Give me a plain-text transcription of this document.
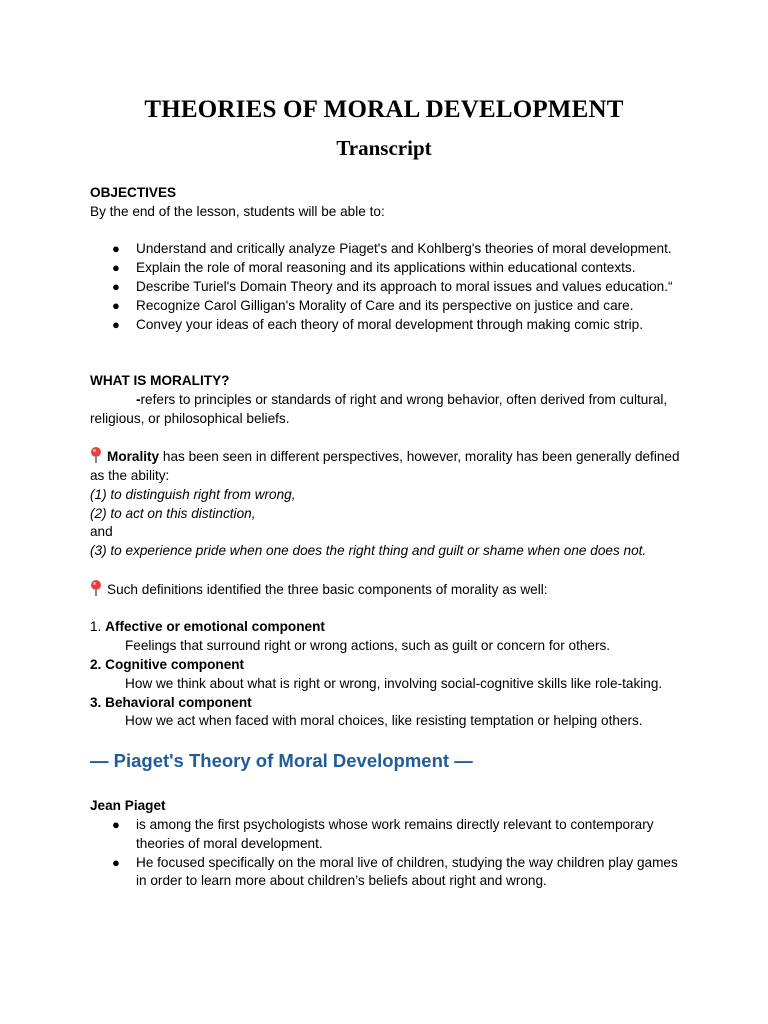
THEORIES OF MORAL DEVELOPMENT
Transcript

OBJECTIVES

By the end of the lesson, students will be able to:

● Understand and critically analyze Piaget's and Kohlberg's theories of moral development.
● Explain the role of moral reasoning and its applications within educational contexts.
● Describe Turiel's Domain Theory and its approach to moral issues and values education.“
● Recognize Carol Gilligan's Morality of Care and its perspective on justice and care.
● Convey your ideas of each theory of moral development through making comic strip.

WHAT IS MORALITY?

-refers to principles or standards of right and wrong behavior, often derived from cultural, religious, or philosophical beliefs.

Morality has been seen in different perspectives, however, morality has been generally defined as the ability:

(1) to distinguish right from wrong,

(2) to act on this distinction,

and

(3) to experience pride when one does the right thing and guilt or shame when one does not.

Such definitions identified the three basic components of morality as well:

1. Affective or emotional component

Feelings that surround right or wrong actions, such as guilt or concern for others.

2. Cognitive component

How we think about what is right or wrong, involving social-cognitive skills like role-taking.

3. Behavioral component

How we act when faced with moral choices, like resisting temptation or helping others.

— Piaget's Theory of Moral Development —

Jean Piaget

● is among the first psychologists whose work remains directly relevant to contemporary theories of moral development.
● He focused specifically on the moral live of children, studying the way children play games in order to learn more about children’s beliefs about right and wrong.
